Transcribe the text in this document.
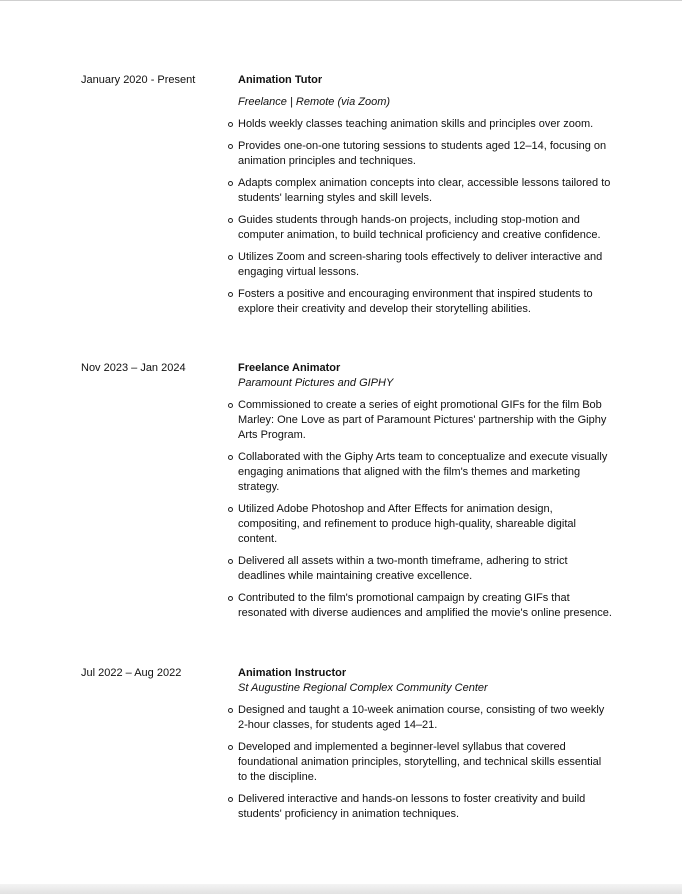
January 2020 - Present	Animation Tutor
Freelance | Remote (via Zoom)
Holds weekly classes teaching animation skills and principles over zoom.
Provides one-on-one tutoring sessions to students aged 12–14, focusing on animation principles and techniques.
Adapts complex animation concepts into clear, accessible lessons tailored to students' learning styles and skill levels.
Guides students through hands-on projects, including stop-motion and computer animation, to build technical proficiency and creative confidence.
Utilizes Zoom and screen-sharing tools effectively to deliver interactive and engaging virtual lessons.
Fosters a positive and encouraging environment that inspired students to explore their creativity and develop their storytelling abilities.
Nov 2023 – Jan 2024	Freelance Animator
Paramount Pictures and GIPHY
Commissioned to create a series of eight promotional GIFs for the film Bob Marley: One Love as part of Paramount Pictures' partnership with the Giphy Arts Program.
Collaborated with the Giphy Arts team to conceptualize and execute visually engaging animations that aligned with the film's themes and marketing strategy.
Utilized Adobe Photoshop and After Effects for animation design, compositing, and refinement to produce high-quality, shareable digital content.
Delivered all assets within a two-month timeframe, adhering to strict deadlines while maintaining creative excellence.
Contributed to the film's promotional campaign by creating GIFs that resonated with diverse audiences and amplified the movie's online presence.
Jul 2022 – Aug 2022	Animation Instructor
St Augustine Regional Complex Community Center
Designed and taught a 10-week animation course, consisting of two weekly 2-hour classes, for students aged 14–21.
Developed and implemented a beginner-level syllabus that covered foundational animation principles, storytelling, and technical skills essential to the discipline.
Delivered interactive and hands-on lessons to foster creativity and build students' proficiency in animation techniques.
